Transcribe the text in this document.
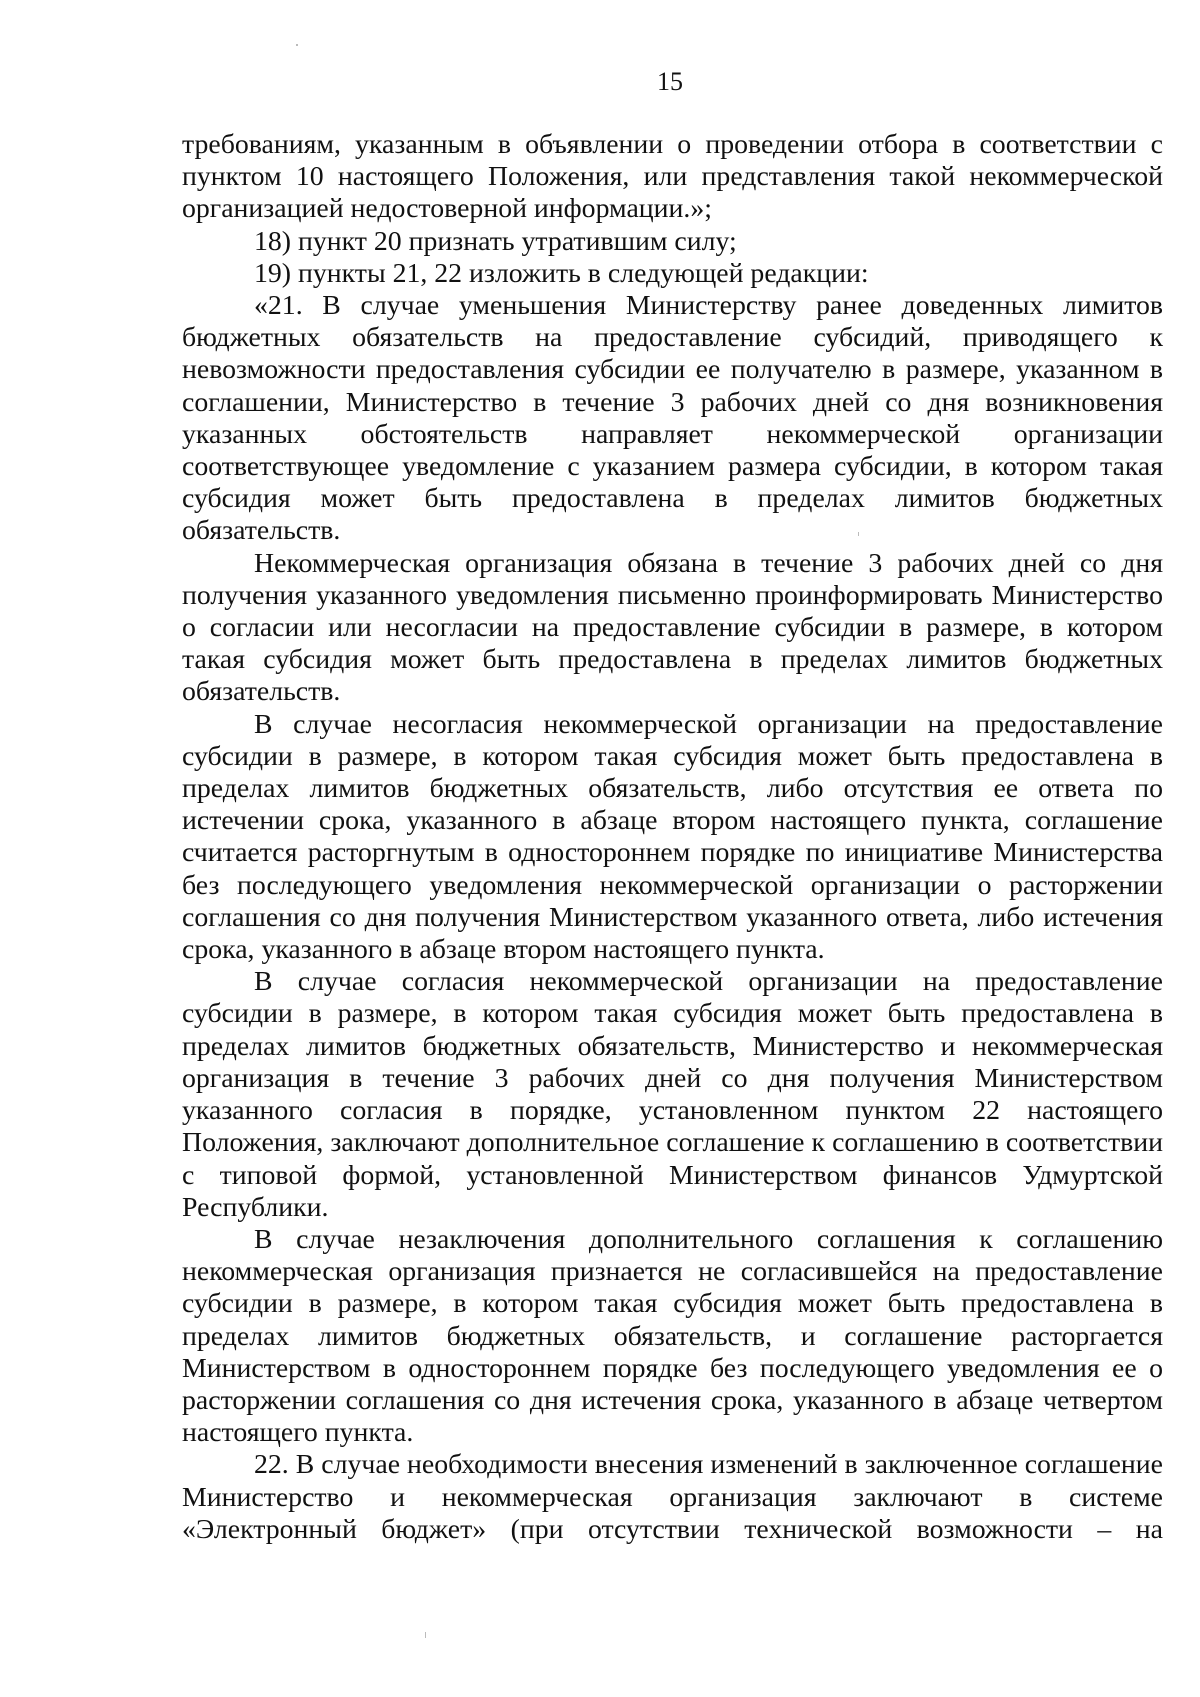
15

требованиям, указанным в объявлении о проведении отбора в соответствии с пунктом 10 настоящего Положения, или представления такой некоммерческой организацией недостоверной информации.»;

18) пункт 20 признать утратившим силу;

19) пункты 21, 22 изложить в следующей редакции:

«21. В случае уменьшения Министерству ранее доведенных лимитов бюджетных обязательств на предоставление субсидий, приводящего к невозможности предоставления субсидии ее получателю в размере, указанном в соглашении, Министерство в течение 3 рабочих дней со дня возникновения указанных обстоятельств направляет некоммерческой организации соответствующее уведомление с указанием размера субсидии, в котором такая субсидия может быть предоставлена в пределах лимитов бюджетных обязательств.

Некоммерческая организация обязана в течение 3 рабочих дней со дня получения указанного уведомления письменно проинформировать Министерство о согласии или несогласии на предоставление субсидии в размере, в котором такая субсидия может быть предоставлена в пределах лимитов бюджетных обязательств.

В случае несогласия некоммерческой организации на предоставление субсидии в размере, в котором такая субсидия может быть предоставлена в пределах лимитов бюджетных обязательств, либо отсутствия ее ответа по истечении срока, указанного в абзаце втором настоящего пункта, соглашение считается расторгнутым в одностороннем порядке по инициативе Министерства без последующего уведомления некоммерческой организации о расторжении соглашения со дня получения Министерством указанного ответа, либо истечения срока, указанного в абзаце втором настоящего пункта.

В случае согласия некоммерческой организации на предоставление субсидии в размере, в котором такая субсидия может быть предоставлена в пределах лимитов бюджетных обязательств, Министерство и некоммерческая организация в течение 3 рабочих дней со дня получения Министерством указанного согласия в порядке, установленном пунктом 22 настоящего Положения, заключают дополнительное соглашение к соглашению в соответствии с типовой формой, установленной Министерством финансов Удмуртской Республики.

В случае незаключения дополнительного соглашения к соглашению некоммерческая организация признается не согласившейся на предоставление субсидии в размере, в котором такая субсидия может быть предоставлена в пределах лимитов бюджетных обязательств, и соглашение расторгается Министерством в одностороннем порядке без последующего уведомления ее о расторжении соглашения со дня истечения срока, указанного в абзаце четвертом настоящего пункта.

22. В случае необходимости внесения изменений в заключенное соглашение Министерство и некоммерческая организация заключают в системе «Электронный бюджет» (при отсутствии технической возможности – на
